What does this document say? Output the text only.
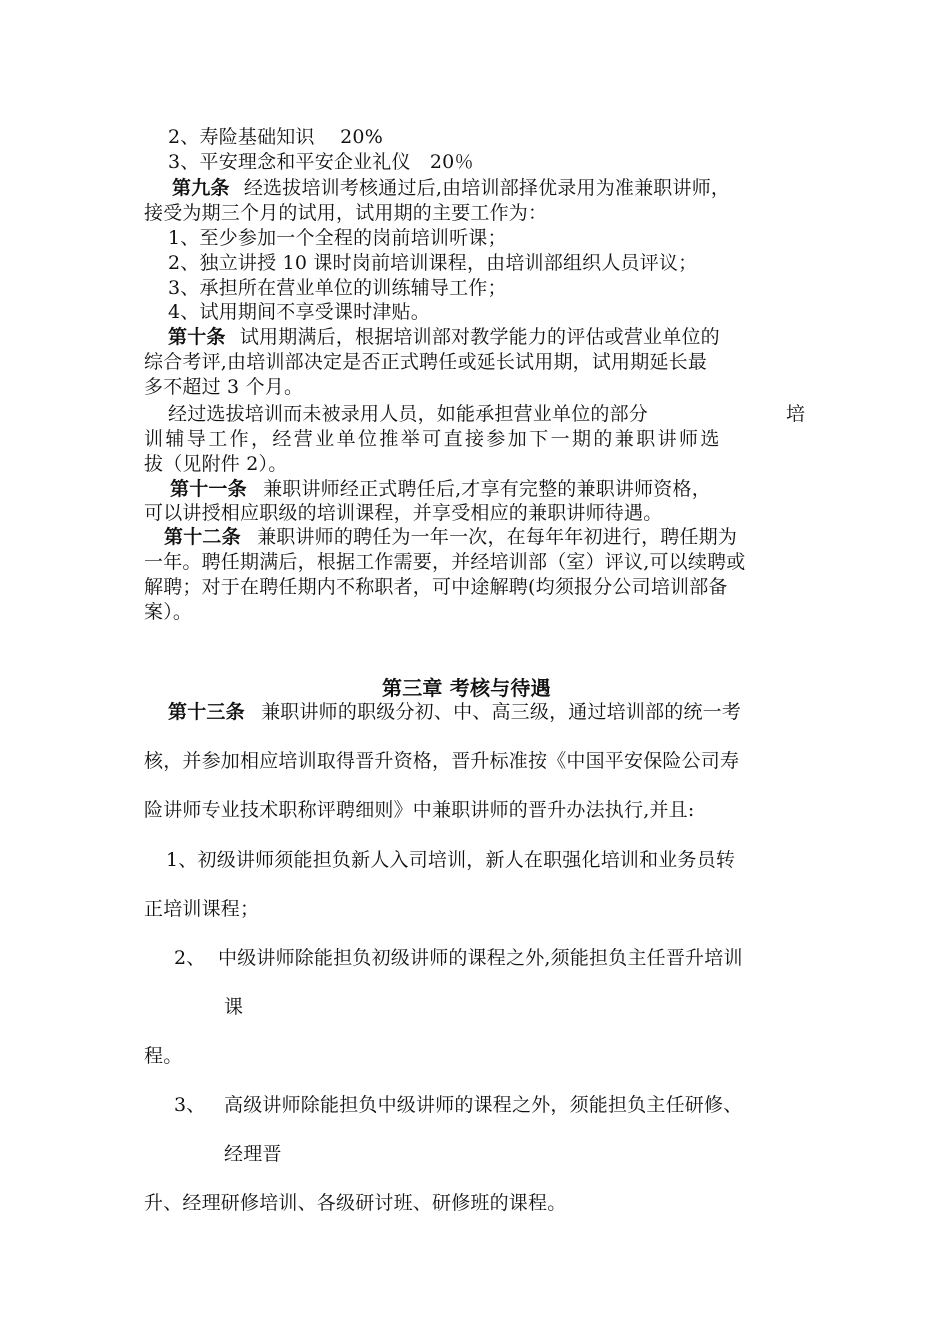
2、寿险基础知识　 20%
3、平安理念和平安企业礼仪　20％
第九条 经选拔培训考核通过后,由培训部择优录用为准兼职讲师，
接受为期三个月的试用，试用期的主要工作为：
1、至少参加一个全程的岗前培训听课；
2、独立讲授 10 课时岗前培训课程，由培训部组织人员评议；
3、承担所在营业单位的训练辅导工作；
4、试用期间不享受课时津贴。
第十条 试用期满后，根据培训部对教学能力的评估或营业单位的
综合考评,由培训部决定是否正式聘任或延长试用期，试用期延长最
多不超过 3 个月。
经过选拔培训而未被录用人员，如能承担营业单位的部分	培
训辅导工作，经营业单位推举可直接参加下一期的兼职讲师选
拔（见附件 2）。
第十一条 兼职讲师经正式聘任后,才享有完整的兼职讲师资格，
可以讲授相应职级的培训课程，并享受相应的兼职讲师待遇。
第十二条 兼职讲师的聘任为一年一次，在每年年初进行，聘任期为
一年。聘任期满后，根据工作需要，并经培训部（室）评议,可以续聘或
解聘；对于在聘任期内不称职者，可中途解聘(均须报分公司培训部备
案）。
第三章 考核与待遇
第十三条 兼职讲师的职级分初、中、高三级，通过培训部的统一考
核，并参加相应培训取得晋升资格，晋升标准按《中国平安保险公司寿
险讲师专业技术职称评聘细则》中兼职讲师的晋升办法执行,并且:
1、初级讲师须能担负新人入司培训，新人在职强化培训和业务员转
正培训课程；
2、 中级讲师除能担负初级讲师的课程之外,须能担负主任晋升培训
课
程。
3、 高级讲师除能担负中级讲师的课程之外，须能担负主任研修、
经理晋
升、经理研修培训、各级研讨班、研修班的课程。
